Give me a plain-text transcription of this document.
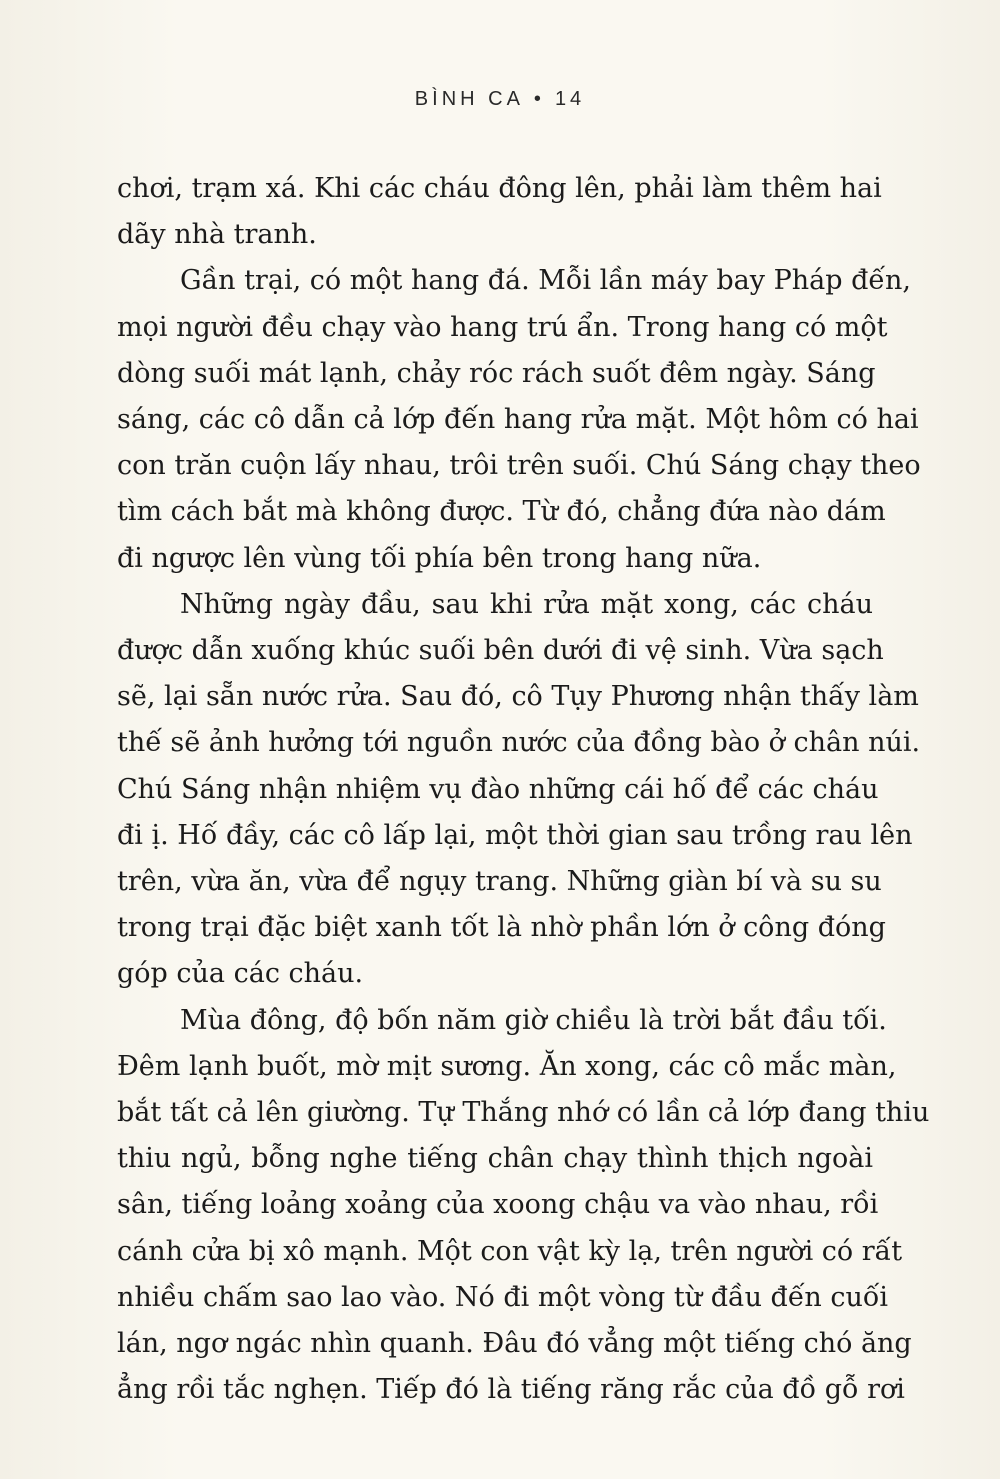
BÌNH CA • 14
chơi, trạm xá. Khi các cháu đông lên, phải làm thêm hai
dãy nhà tranh.
Gần trại, có một hang đá. Mỗi lần máy bay Pháp đến,
mọi người đều chạy vào hang trú ẩn. Trong hang có một
dòng suối mát lạnh, chảy róc rách suốt đêm ngày. Sáng
sáng, các cô dẫn cả lớp đến hang rửa mặt. Một hôm có hai
con trăn cuộn lấy nhau, trôi trên suối. Chú Sáng chạy theo
tìm cách bắt mà không được. Từ đó, chẳng đứa nào dám
đi ngược lên vùng tối phía bên trong hang nữa.
Những ngày đầu, sau khi rửa mặt xong, các cháu
được dẫn xuống khúc suối bên dưới đi vệ sinh. Vừa sạch
sẽ, lại sẵn nước rửa. Sau đó, cô Tụy Phương nhận thấy làm
thế sẽ ảnh hưởng tới nguồn nước của đồng bào ở chân núi.
Chú Sáng nhận nhiệm vụ đào những cái hố để các cháu
đi ị. Hố đầy, các cô lấp lại, một thời gian sau trồng rau lên
trên, vừa ăn, vừa để ngụy trang. Những giàn bí và su su
trong trại đặc biệt xanh tốt là nhờ phần lớn ở công đóng
góp của các cháu.
Mùa đông, độ bốn năm giờ chiều là trời bắt đầu tối.
Đêm lạnh buốt, mờ mịt sương. Ăn xong, các cô mắc màn,
bắt tất cả lên giường. Tự Thắng nhớ có lần cả lớp đang thiu
thiu ngủ, bỗng nghe tiếng chân chạy thình thịch ngoài
sân, tiếng loảng xoảng của xoong chậu va vào nhau, rồi
cánh cửa bị xô mạnh. Một con vật kỳ lạ, trên người có rất
nhiều chấm sao lao vào. Nó đi một vòng từ đầu đến cuối
lán, ngơ ngác nhìn quanh. Đâu đó vẳng một tiếng chó ăng
ẳng rồi tắc nghẹn. Tiếp đó là tiếng răng rắc của đồ gỗ rơi
